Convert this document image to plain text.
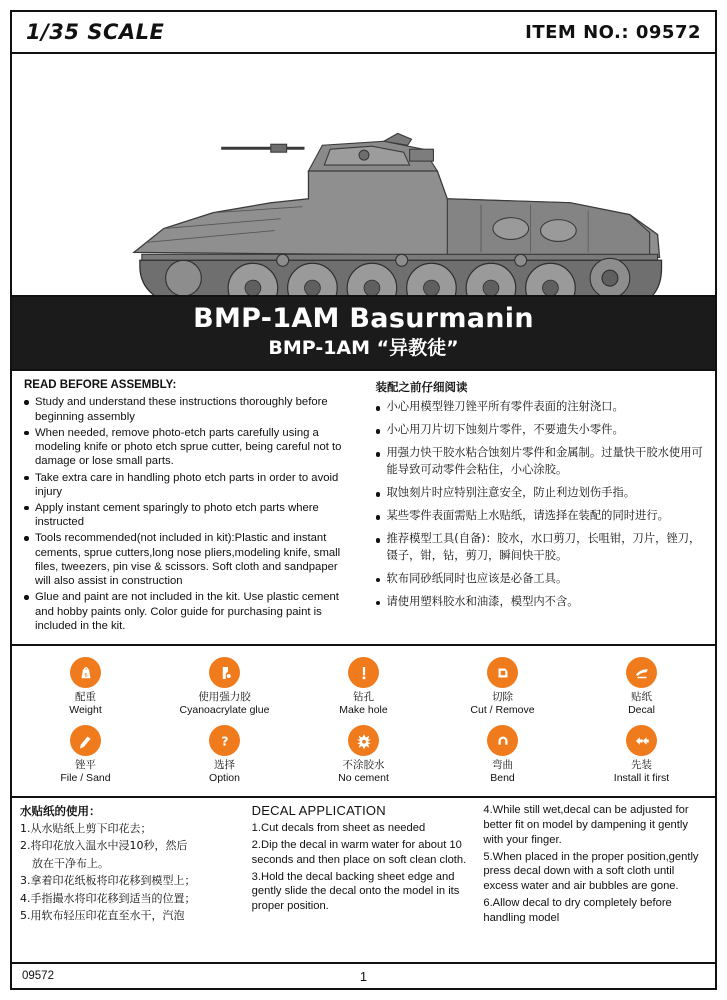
1/35 SCALE	ITEM NO.: 09572
BMP-1AM Basurmanin
BMP-1AM “异教徒”
READ BEFORE ASSEMBLY:
Study and understand these instructions thoroughly before beginning assembly
When needed, remove photo-etch parts carefully using a modeling knife or photo etch sprue cutter, being careful not to damage or lose small parts.
Take extra care in handling photo etch parts in order to avoid injury
Apply instant cement sparingly to photo etch parts where instructed
Tools recommended(not included in kit):Plastic and instant cements, sprue cutters,long nose pliers,modeling knife, small files, tweezers, pin vise & scissors. Soft cloth and sandpaper will also assist in construction
Glue and paint are not included in the kit. Use plastic cement and hobby paints only. Color guide for purchasing paint is included in the kit.
装配之前仔细阅读
小心用模型锉刀锉平所有零件表面的注射浇口。
小心用刀片切下蚀刻片零件，不要遗失小零件。
用强力快干胶水粘合蚀刻片零件和金属制。过量快干胶水使用可能导致可动零件会粘住，小心涂胶。
取蚀刻片时应特别注意安全，防止利边划伤手指。
某些零件表面需贴上水贴纸，请选择在装配的同时进行。
推荐模型工具(自备)：胶水，水口剪刀，长咀钳，刀片，锉刀，镊子，钳，钻，剪刀，瞬间快干胶。
软布同砂纸同时也应该是必备工具。
请使用塑料胶水和油漆，模型内不含。
6
配重
Weight
使用强力胶
Cyanoacrylate glue
钻孔
Make hole
切除
Cut / Remove
贴纸
Decal
锉平
File / Sand
?
选择
Option
不涂胶水
No cement
弯曲
Bend
先装
Install it first
水贴纸的使用：
1.从水贴纸上剪下印花去；
2.将印花放入温水中浸10秒，然后
放在干净布上。
3.拿着印花纸板将印花移到模型上；
4.手指撮水将印花移到适当的位置；
5.用软布轻压印花直至水干，汽泡
DECAL APPLICATION
1.Cut decals from sheet as needed
2.Dip the decal in warm water for about 10 seconds and then place on soft clean cloth.
3.Hold the decal backing sheet edge and gently slide the decal onto the model in its proper position.
4.While still wet,decal can be adjusted for better fit on model by dampening it gently with your finger.
5.When placed in the proper position,gently press decal down with a soft cloth until excess water and air bubbles are gone.
6.Allow decal to dry completely before handling model
09572	1
